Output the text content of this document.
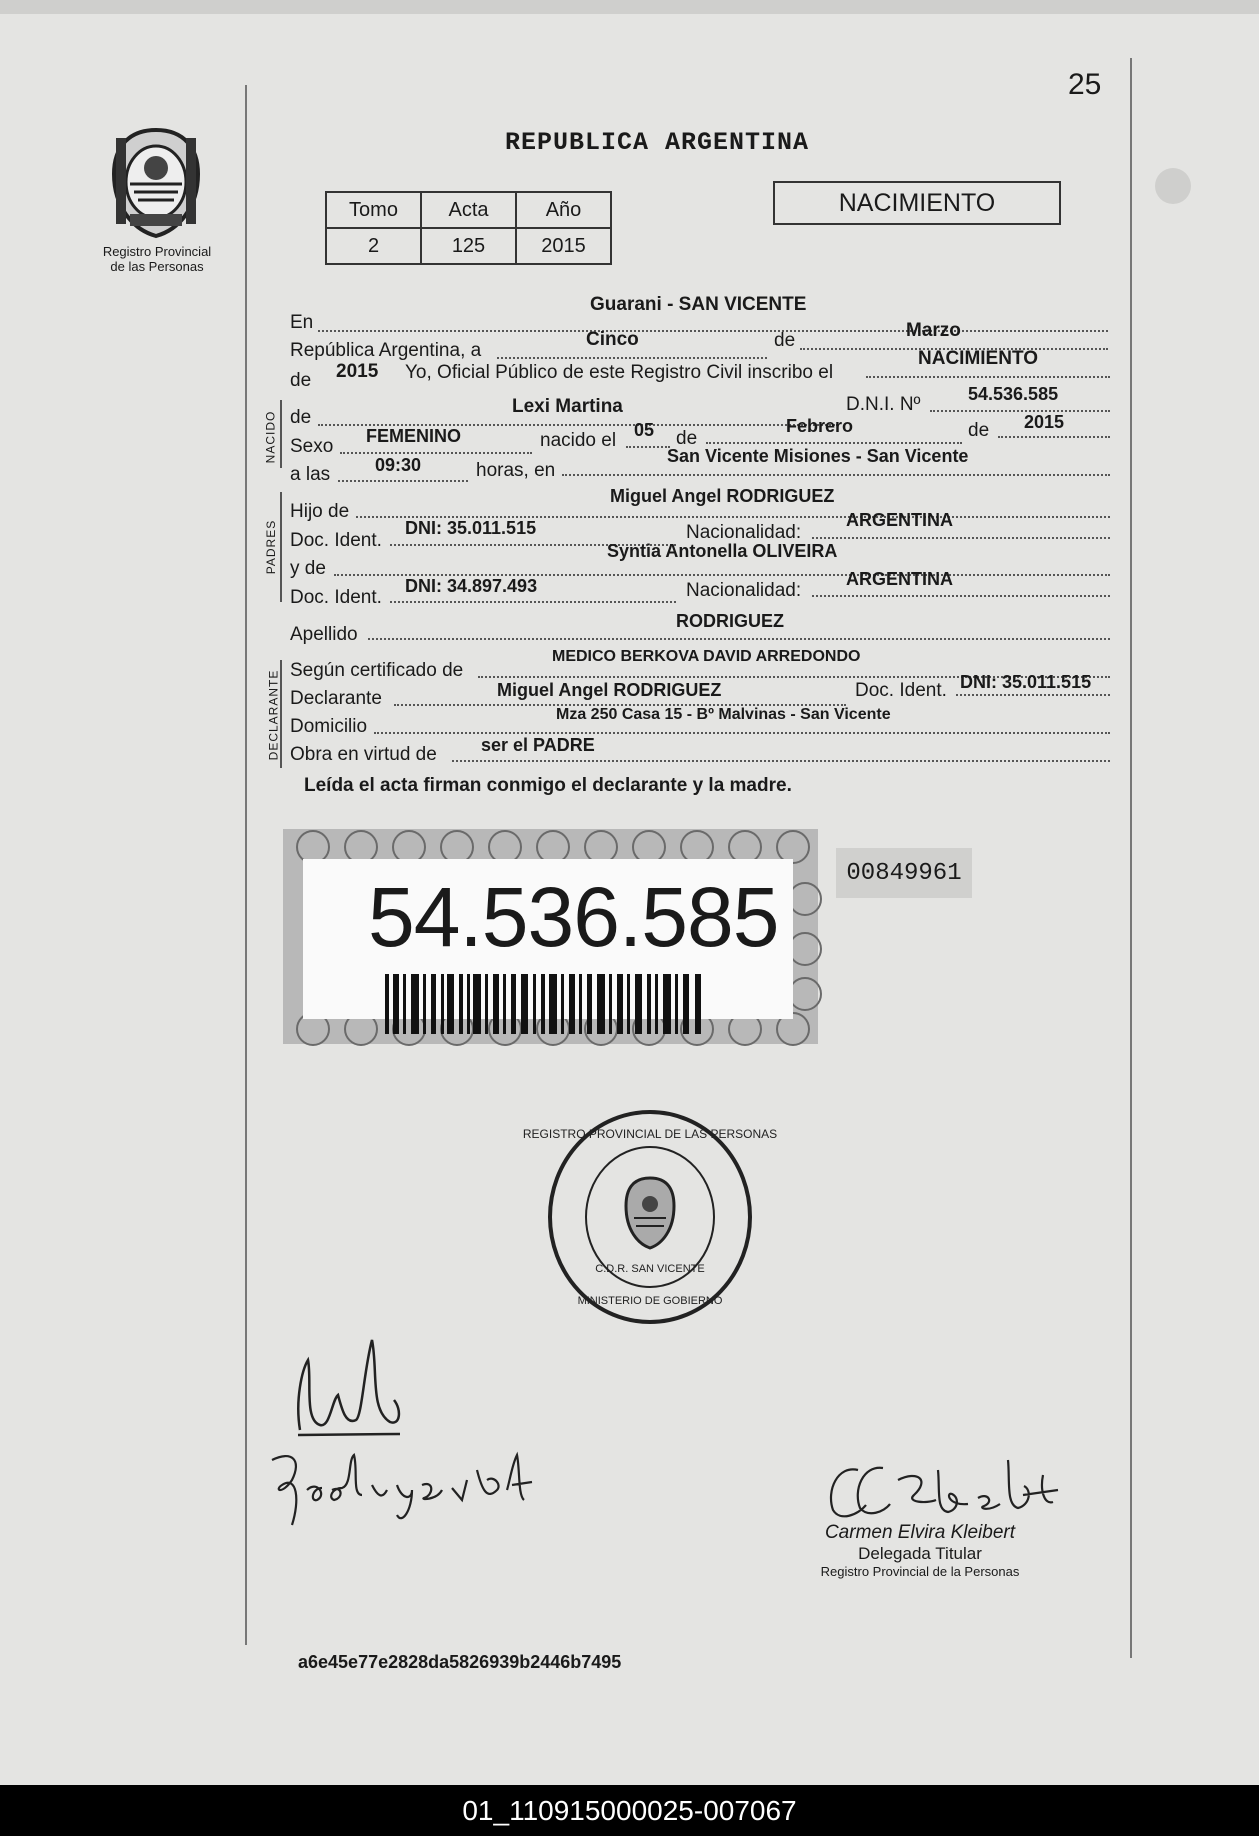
25
Registro Provincial
de las Personas
REPUBLICA ARGENTINA
Tomo	Acta	Año
2	125	2015
NACIMIENTO
En
Guarani - SAN VICENTE
República Argentina, a
Cinco	de	Marzo
de 2015 Yo, Oficial Público de este Registro Civil inscribo el
NACIMIENTO
NACIDO de
Lexi Martina	D.N.I. Nº	54.536.585
Sexo FEMENINO	nacido el 05 de
Febrero	de 2015
a las 09:30	horas, en
San Vicente Misiones - San Vicente
PADRES
Hijo de
Miguel Angel RODRIGUEZ
Doc. Ident.
DNI: 35.011.515	Nacionalidad:
ARGENTINA
y de
Syntia Antonella OLIVEIRA
Doc. Ident.
DNI: 34.897.493	Nacionalidad:
ARGENTINA
Apellido
RODRIGUEZ
DECLARANTE Según certificado de
MEDICO BERKOVA DAVID ARREDONDO
Declarante	Miguel Angel RODRIGUEZ	Doc. Ident. DNI: 35.011.515
Domicilio
Mza 250 Casa 15 - Bº Malvinas - San Vicente
Obra en virtud de ser el PADRE
Leída el acta firman conmigo el declarante y la madre.
54.536.585	00849961
REGISTRO PROVINCIAL DE LAS PERSONAS
MINISTERIO DE GOBIERNO
C.D.R. SAN VICENTE
Carmen Elvira Kleibert
Delegada Titular
Registro Provincial de la Personas
a6e45e77e2828da5826939b2446b7495
01_110915000025-007067
